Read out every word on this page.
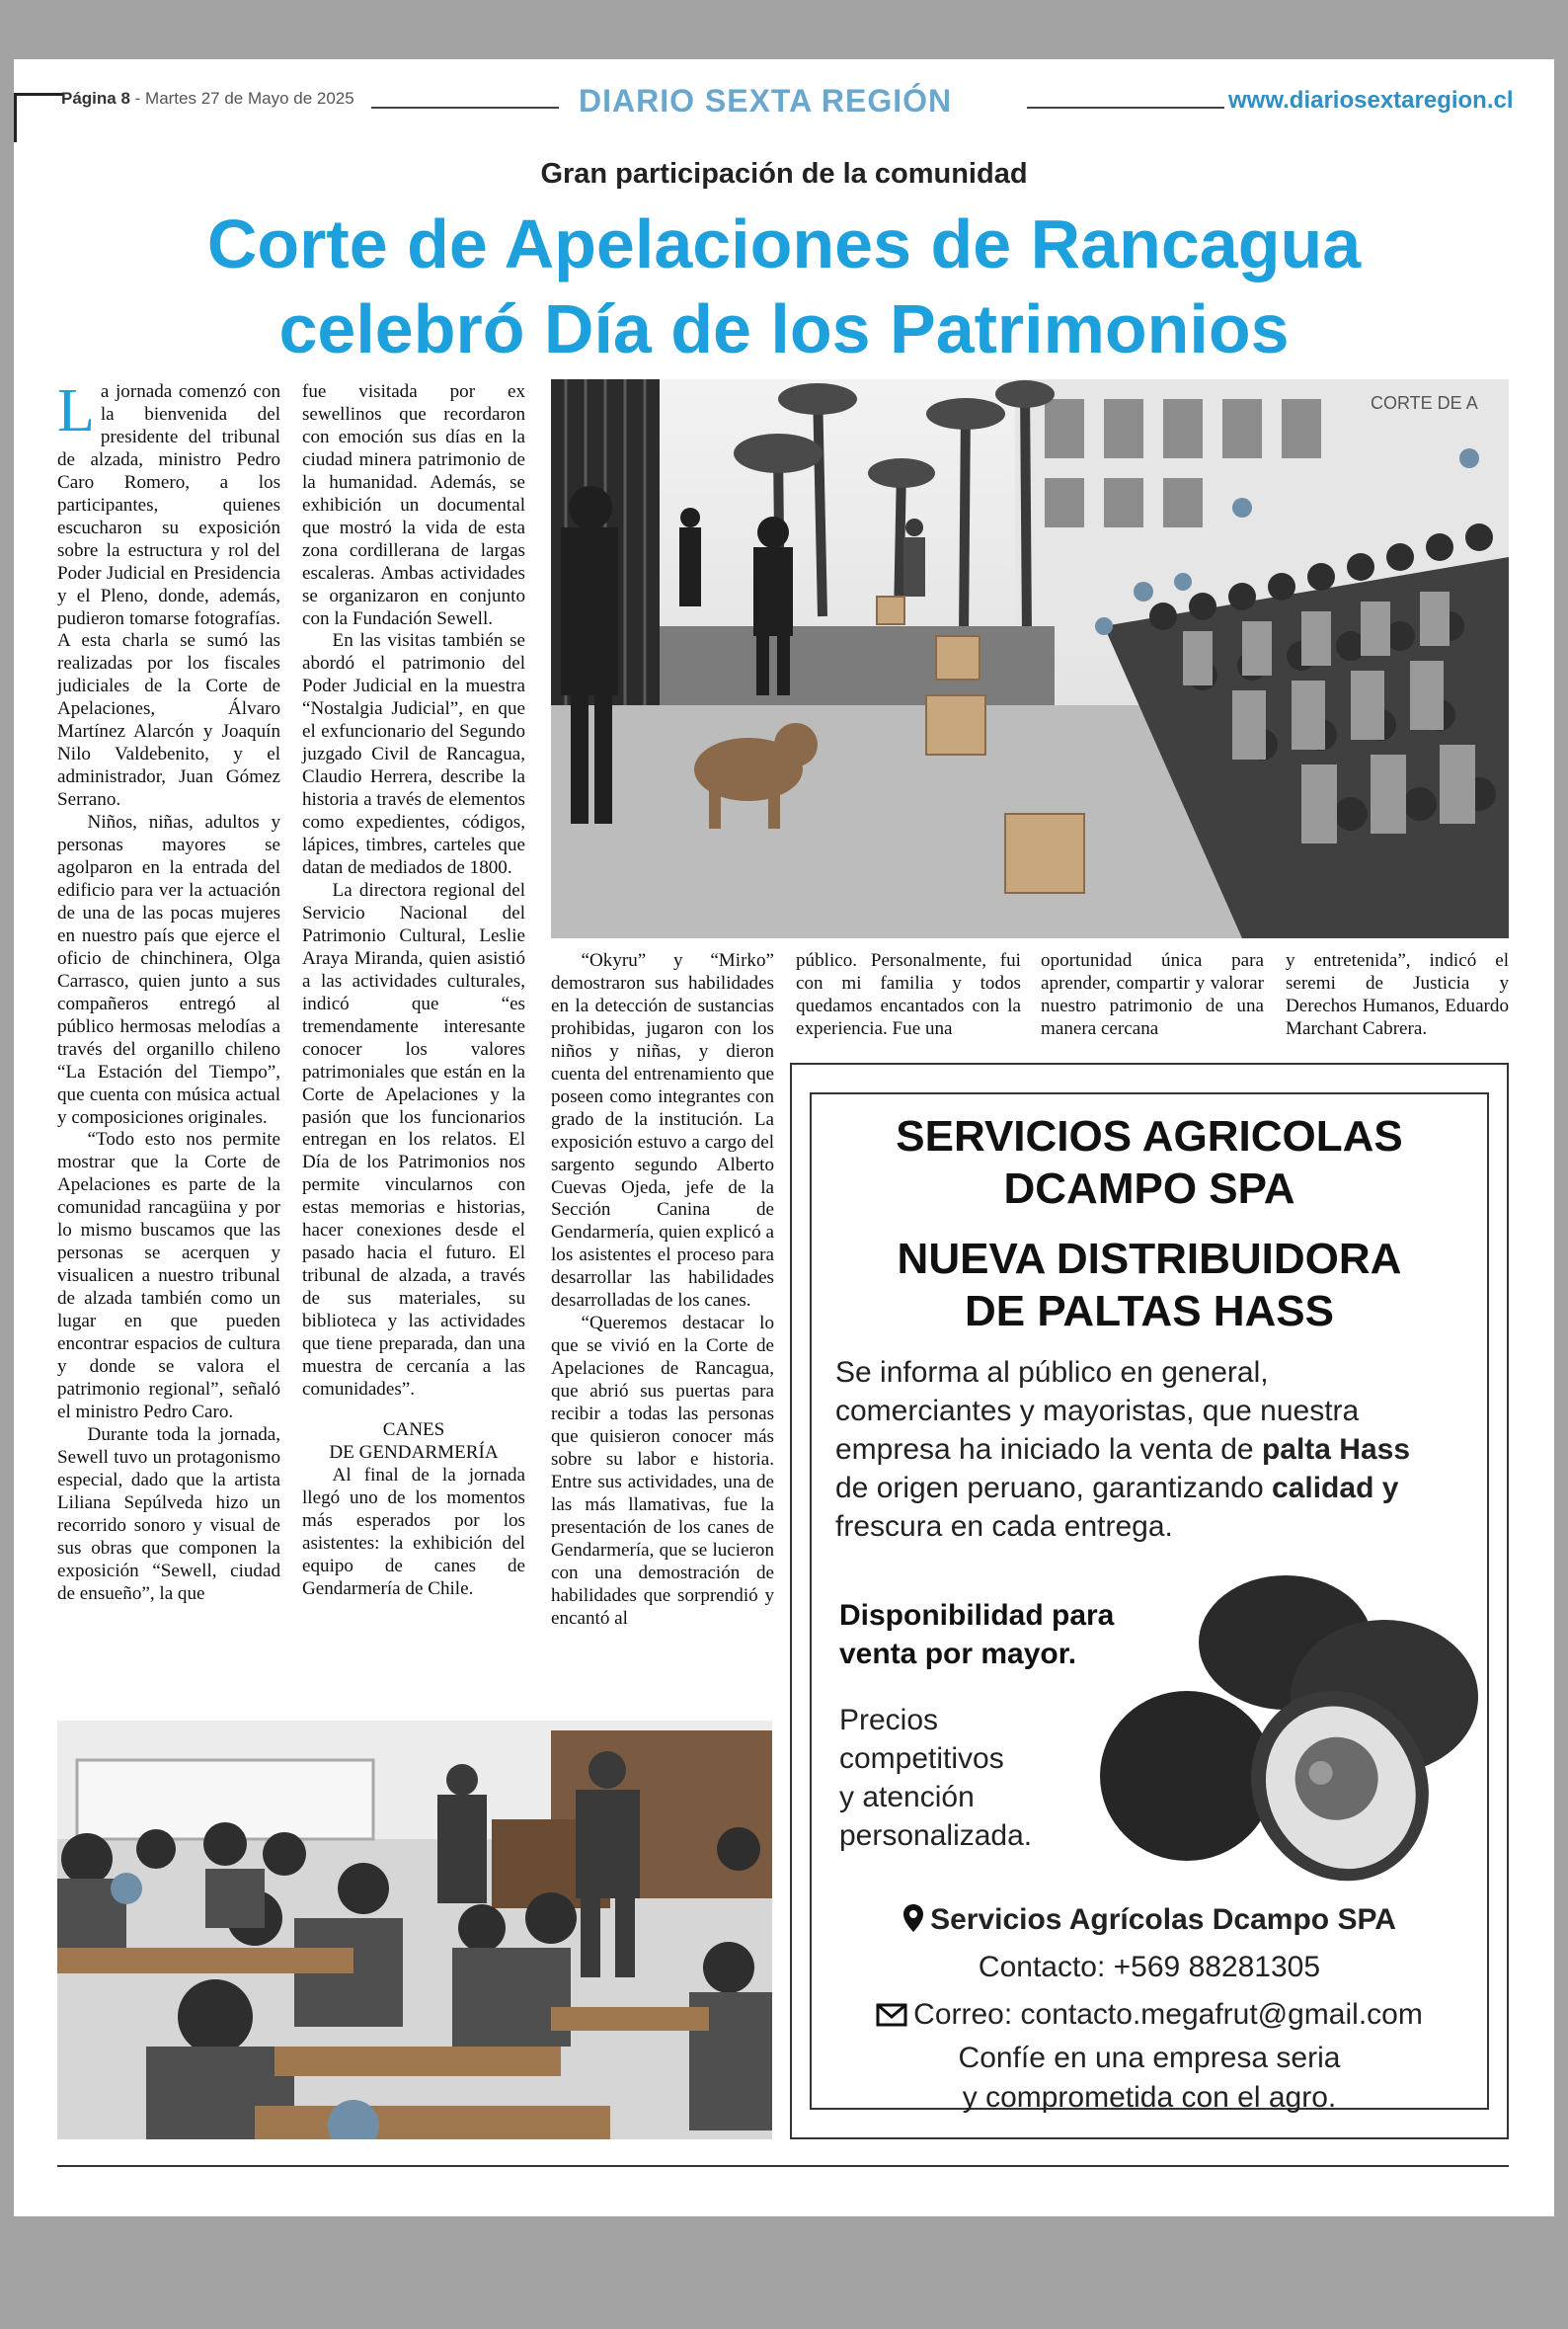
Página 8 - Martes 27 de Mayo de 2025	DIARIO SEXTA REGIÓN	www.diariosextaregion.cl
Gran participación de la comunidad
Corte de Apelaciones de Rancagua
celebró Día de los Patrimonios

La jornada comenzó con la bienvenida del presidente del tribunal de alzada, ministro Pedro Caro Romero, a los participantes, quienes escucharon su exposición sobre la estructura y rol del Poder Judicial en Presidencia y el Pleno, donde, además, pudieron tomarse fotografías. A esta charla se sumó las realizadas por los fiscales judiciales de la Corte de Apelaciones, Álvaro Martínez Alarcón y Joaquín Nilo Valdebenito, y el administrador, Juan Gómez Serrano.

Niños, niñas, adultos y personas mayores se agolparon en la entrada del edificio para ver la actuación de una de las pocas mujeres en nuestro país que ejerce el oficio de chinchinera, Olga Carrasco, quien junto a sus compañeros entregó al público hermosas melodías a través del organillo chileno “La Estación del Tiempo”, que cuenta con música actual y composiciones originales.

“Todo esto nos permite mostrar que la Corte de Apelaciones es parte de la comunidad rancagüina y por lo mismo buscamos que las personas se acerquen y visualicen a nuestro tribunal de alzada también como un lugar en que pueden encontrar espacios de cultura y donde se valora el patrimonio regional”, señaló el ministro Pedro Caro.

Durante toda la jornada, Sewell tuvo un protagonismo especial, dado que la artista Liliana Sepúlveda hizo un recorrido sonoro y visual de sus obras que componen la exposición “Sewell, ciudad de ensueño”, la que

fue visitada por ex sewellinos que recordaron con emoción sus días en la ciudad minera patrimonio de la humanidad. Además, se exhibición un documental que mostró la vida de esta zona cordillerana de largas escaleras. Ambas actividades se organizaron en conjunto con la Fundación Sewell.

En las visitas también se abordó el patrimonio del Poder Judicial en la muestra “Nostalgia Judicial”, en que el exfuncionario del Segundo juzgado Civil de Rancagua, Claudio Herrera, describe la historia a través de elementos como expedientes, códigos, lápices, timbres, carteles que datan de mediados de 1800.

La directora regional del Servicio Nacional del Patrimonio Cultural, Leslie Araya Miranda, quien asistió a las actividades culturales, indicó que “es tremendamente interesante conocer los valores patrimoniales que están en la Corte de Apelaciones y la pasión que los funcionarios entregan en los relatos. El Día de los Patrimonios nos permite vincularnos con estas memorias e historias, hacer conexiones desde el pasado hacia el futuro. El tribunal de alzada, a través de sus materiales, su biblioteca y las actividades que tiene preparada, dan una muestra de cercanía a las comunidades”.

CANES
DE GENDARMERÍA

Al final de la jornada llegó uno de los momentos más esperados por los asistentes: la exhibición del equipo de canes de Gendarmería de Chile.

CORTE DE A

“Okyru” y “Mirko” demostraron sus habilidades en la detección de sustancias prohibidas, jugaron con los niños y niñas, y dieron cuenta del entrenamiento que poseen como integrantes con grado de la institución. La exposición estuvo a cargo del sargento segundo Alberto Cuevas Ojeda, jefe de la Sección Canina de Gendarmería, quien explicó a los asistentes el proceso para desarrollar las habilidades desarrolladas de los canes.

“Queremos destacar lo que se vivió en la Corte de Apelaciones de Rancagua, que abrió sus puertas para recibir a todas las personas que quisieron conocer más sobre su labor e historia. Entre sus actividades, una de las más llamativas, fue la presentación de los canes de Gendarmería, que se lucieron con una demostración de habilidades que sorprendió y encantó al

público. Personalmente, fui con mi familia y todos quedamos encantados con la experiencia. Fue una

oportunidad única para aprender, compartir y valorar nuestro patrimonio de una manera cercana

y entretenida”, indicó el seremi de Justicia y Derechos Humanos, Eduardo Marchant Cabrera.

SERVICIOS AGRICOLAS
DCAMPO SPA
NUEVA DISTRIBUIDORA
DE PALTAS HASS
Se informa al público en general,
comerciantes y mayoristas, que nuestra
empresa ha iniciado la venta de palta Hass
de origen peruano, garantizando calidad y
frescura en cada entrega.
Disponibilidad para
venta por mayor.
Precios
competitivos
y atención
personalizada.
Servicios Agrícolas Dcampo SPA
Contacto: +569 88281305
Correo: contacto.megafrut@gmail.com
Confíe en una empresa seria
y comprometida con el agro.
